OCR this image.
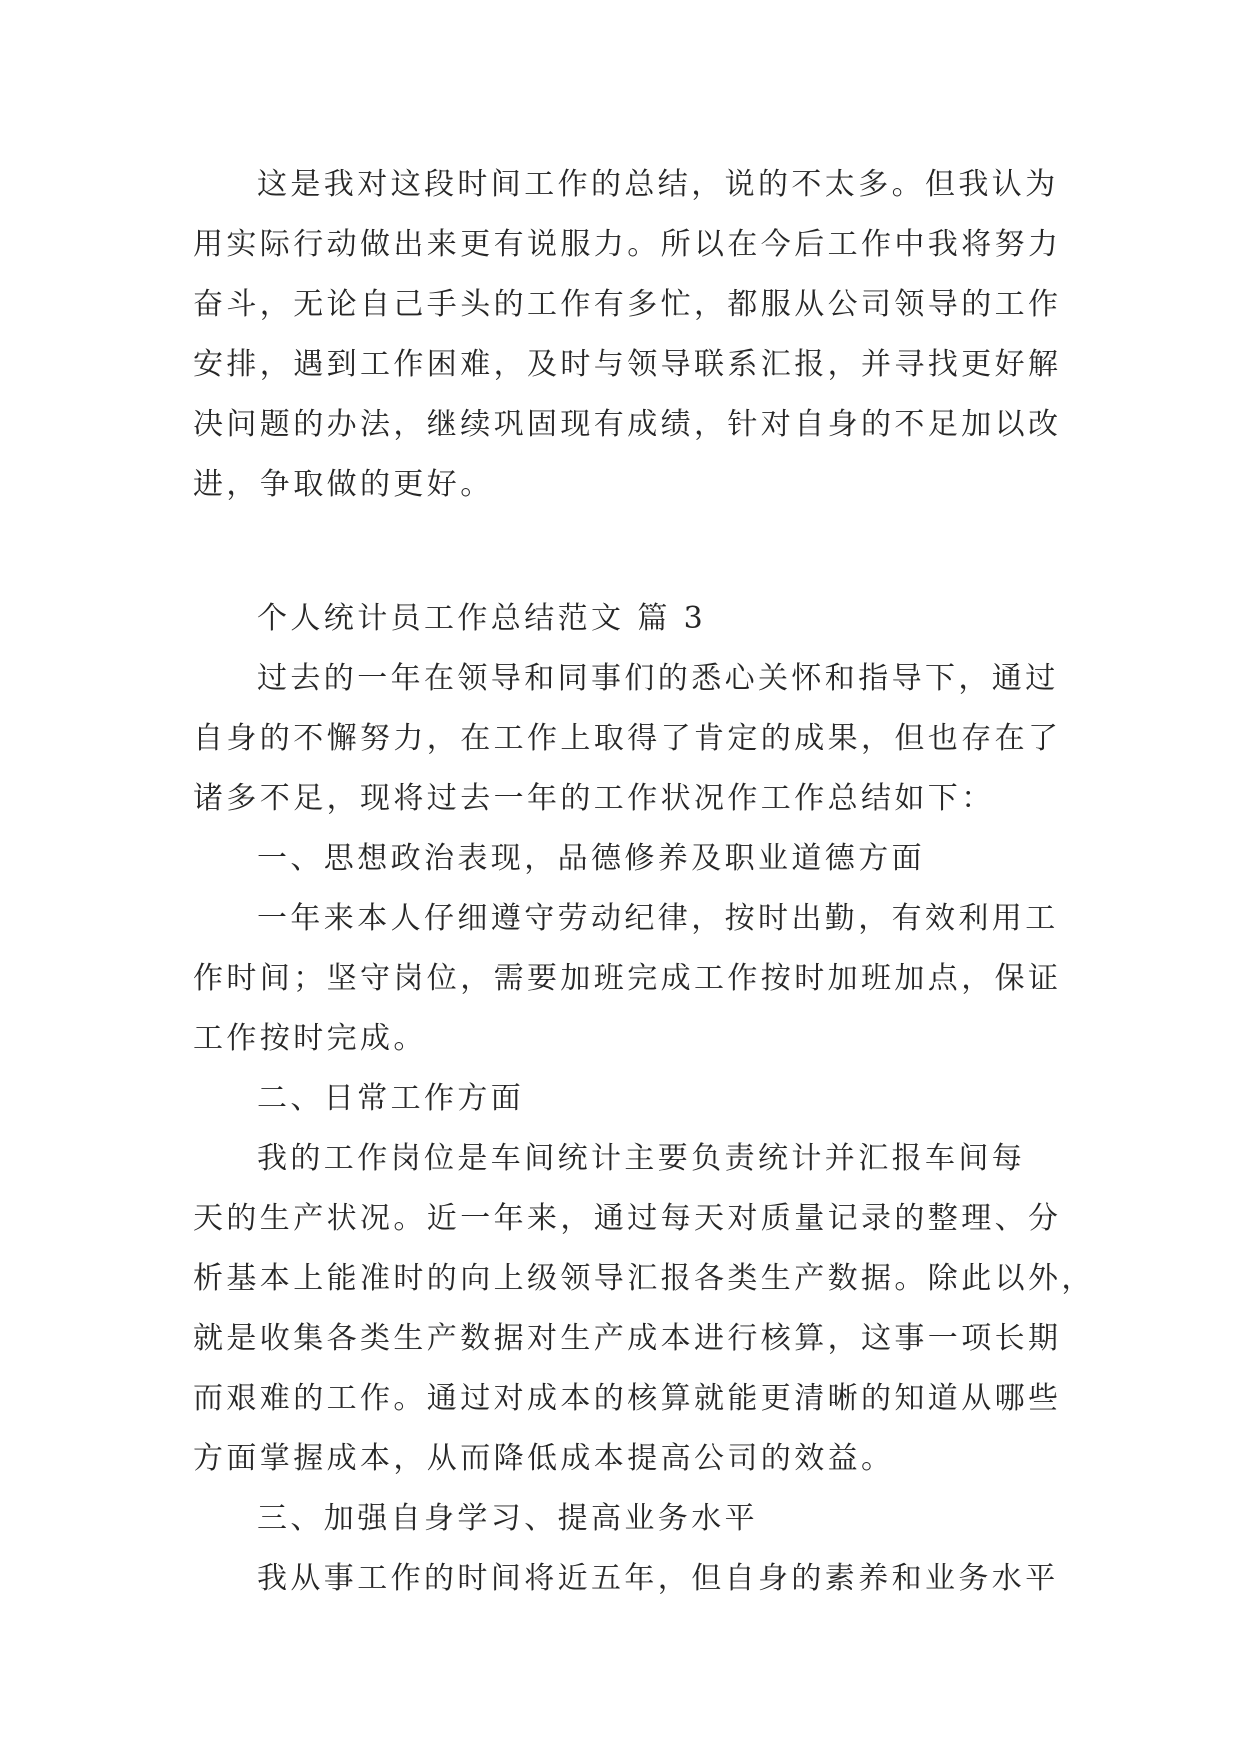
这是我对这段时间工作的总结，说的不太多。但我认为
用实际行动做出来更有说服力。所以在今后工作中我将努力
奋斗，无论自己手头的工作有多忙，都服从公司领导的工作
安排，遇到工作困难，及时与领导联系汇报，并寻找更好解
决问题的办法，继续巩固现有成绩，针对自身的不足加以改
进，争取做的更好。
个人统计员工作总结范文 篇 3
过去的一年在领导和同事们的悉心关怀和指导下，通过
自身的不懈努力，在工作上取得了肯定的成果，但也存在了
诸多不足，现将过去一年的工作状况作工作总结如下：
一、思想政治表现，品德修养及职业道德方面
一年来本人仔细遵守劳动纪律，按时出勤，有效利用工
作时间；坚守岗位，需要加班完成工作按时加班加点，保证
工作按时完成。
二、日常工作方面
我的工作岗位是车间统计主要负责统计并汇报车间每
天的生产状况。近一年来，通过每天对质量记录的整理、分
析基本上能准时的向上级领导汇报各类生产数据。除此以外，
就是收集各类生产数据对生产成本进行核算，这事一项长期
而艰难的工作。通过对成本的核算就能更清晰的知道从哪些
方面掌握成本，从而降低成本提高公司的效益。
三、加强自身学习、提高业务水平
我从事工作的时间将近五年，但自身的素养和业务水平
